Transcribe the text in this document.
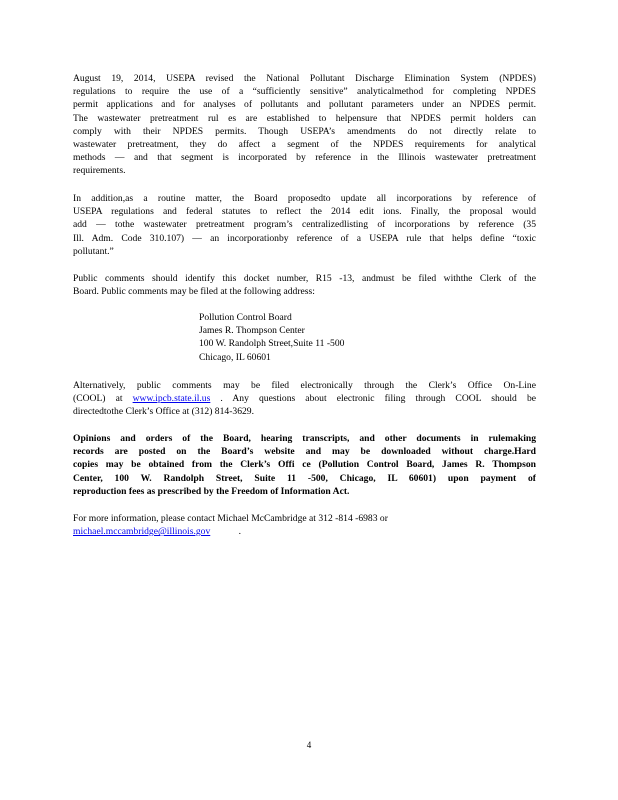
August 19, 2014, USEPA revised the National Pollutant Discharge Elimination System (NPDES)
regulations to require the use of a “sufficiently sensitive” analyticalmethod for completing NPDES
permit applications and for analyses of pollutants and pollutant parameters under an NPDES permit.
The wastewater pretreatment rul es are established to helpensure that NPDES permit holders can
comply with their NPDES permits. Though USEPA’s amendments do not directly relate to
wastewater pretreatment, they do affect a segment of the NPDES requirements for analytical
methods — and that segment is incorporated by reference in the Illinois wastewater pretreatment
requirements.
In addition,as a routine matter, the Board proposedto update all incorporations by reference of
USEPA regulations and federal statutes to reflect the 2014 edit ions. Finally, the proposal would
add — tothe wastewater pretreatment program’s centralizedlisting of incorporations by reference (35
Ill. Adm. Code 310.107) — an incorporationby reference of a USEPA rule that helps define “toxic
pollutant.”
Public comments should identify this docket number, R15 -13, andmust be filed withthe Clerk of the
Board. Public comments may be filed at the following address:
Pollution Control Board
James R. Thompson Center
100 W. Randolph Street,Suite 11 -500
Chicago, IL 60601
Alternatively, public comments may be filed electronically through the Clerk’s Office On-Line
(COOL) at www.ipcb.state.il.us . Any questions about electronic filing through COOL should be
directedtothe Clerk’s Office at (312) 814-3629.
Opinions and orders of the Board, hearing transcripts, and other documents in rulemaking
records are posted on the Board’s website and may be downloaded without charge.Hard
copies may be obtained from the Clerk’s Offi ce (Pollution Control Board, James R. Thompson
Center, 100 W. Randolph Street, Suite 11 -500, Chicago, IL 60601) upon payment of
reproduction fees as prescribed by the Freedom of Information Act.
For more information, please contact Michael McCambridge at 312 -814 -6983 or
michael.mccambridge@illinois.gov	.
4
